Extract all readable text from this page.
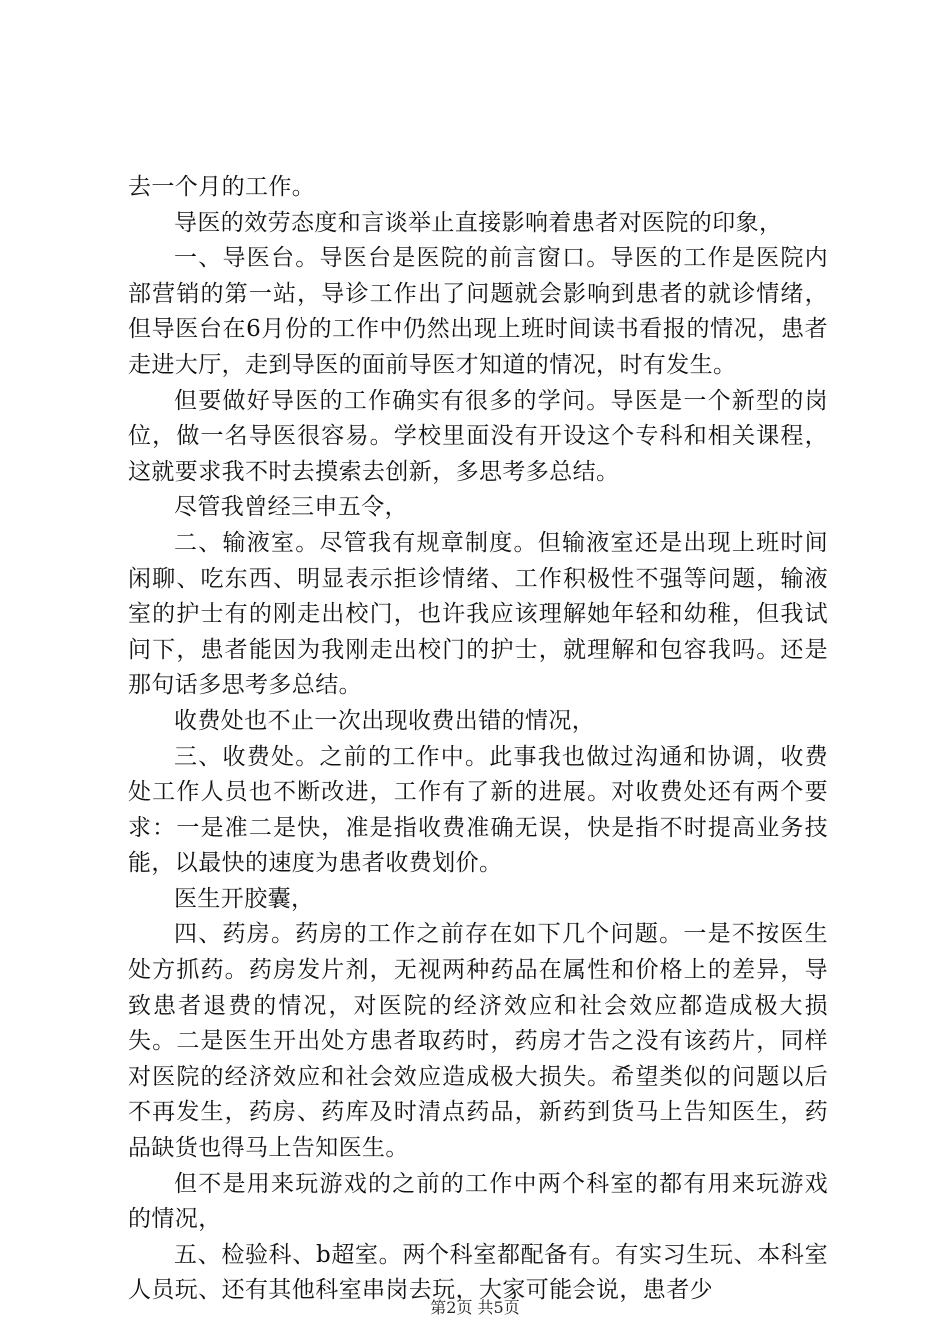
去一个月的工作。

导医的效劳态度和言谈举止直接影响着患者对医院的印象，

一、导医台。导医台是医院的前言窗口。导医的工作是医院内部营销的第一站，导诊工作出了问题就会影响到患者的就诊情绪，但导医台在6月份的工作中仍然出现上班时间读书看报的情况，患者走进大厅，走到导医的面前导医才知道的情况，时有发生。

但要做好导医的工作确实有很多的学问。导医是一个新型的岗位，做一名导医很容易。学校里面没有开设这个专科和相关课程，这就要求我不时去摸索去创新，多思考多总结。

尽管我曾经三申五令，

二、输液室。尽管我有规章制度。但输液室还是出现上班时间闲聊、吃东西、明显表示拒诊情绪、工作积极性不强等问题，输液室的护士有的刚走出校门，也许我应该理解她年轻和幼稚，但我试问下，患者能因为我刚走出校门的护士，就理解和包容我吗。还是那句话多思考多总结。

收费处也不止一次出现收费出错的情况，

三、收费处。之前的工作中。此事我也做过沟通和协调，收费处工作人员也不断改进，工作有了新的进展。对收费处还有两个要求：一是准二是快，准是指收费准确无误，快是指不时提高业务技能，以最快的速度为患者收费划价。

医生开胶囊，

四、药房。药房的工作之前存在如下几个问题。一是不按医生处方抓药。药房发片剂，无视两种药品在属性和价格上的差异，导致患者退费的情况，对医院的经济效应和社会效应都造成极大损失。二是医生开出处方患者取药时，药房才告之没有该药片，同样对医院的经济效应和社会效应造成极大损失。希望类似的问题以后不再发生，药房、药库及时清点药品，新药到货马上告知医生，药品缺货也得马上告知医生。

但不是用来玩游戏的之前的工作中两个科室的都有用来玩游戏的情况，

五、检验科、b超室。两个科室都配备有。有实习生玩、本科室人员玩、还有其他科室串岗去玩，大家可能会说，患者少

第2页 共5页
